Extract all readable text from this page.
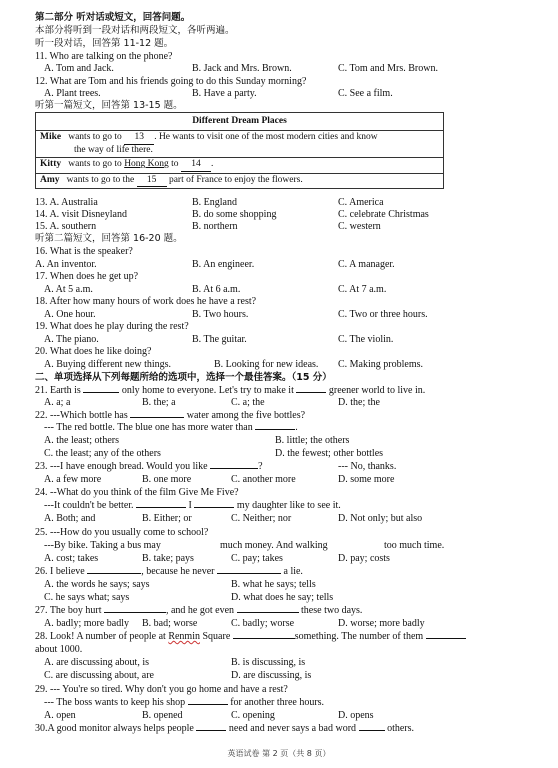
第二部分 听对话或短文，回答问题。
本部分将听到一段对话和两段短文，各听两遍。
听一段对话，回答第 11-12 题。
11. Who are talking on the phone?
A. Tom and Jack.	B. Jack and Mrs. Brown.	C. Tom and Mrs. Brown.
12. What are Tom and his friends going to do this Sunday morning?
A. Plant trees.	B. Have a party.	C. See a film.
听第一篇短文，回答第 13-15 题。
Different Dream Places
Mike wants to go to 13 . He wants to visit one of the most modern cities and know
the way of life there.
Kitty wants to go to Hong Kong to 14 .
Amy wants to go to the 15 part of France to enjoy the flowers.
13. A. Australia	B. England	C. America
14. A. visit Disneyland	B. do some shopping	C. celebrate Christmas
15. A. southern	B. northern	C. western
听第二篇短文，回答第 16-20 题。
16. What is the speaker?
A. An inventor.	B. An engineer.	C. A manager.
17. When does he get up?
A. At 5 a.m.	B. At 6 a.m.	C. At 7 a.m.
18. After how many hours of work does he have a rest?
A. One hour.	B. Two hours.	C. Two or three hours.
19. What does he play during the rest?
A. The piano.	B. The guitar.	C. The violin.
20. What does he like doing?
A. Buying different new things.	B. Looking for new ideas. C. Making problems.
二、单项选择从下列每题所给的选项中，选择一个最佳答案。（15 分）
21. Earth is	only home to everyone. Let's try to make it	greener world to live in.
A. a; a	B. the; a	C. a; the	D. the; the
22. ---Which bottle has	water among the five bottles?
--- The red bottle. The blue one has more water than	.
A. the least; others	B. little; the others
C. the least; any of the others	D. the fewest; other bottles
23. ---I have enough bread. Would you like	?	--- No, thanks.
A. a few more	B. one more	C. another more	D. some more
24. --What do you think of the film Give Me Five?
---It couldn't be better.	I	my daughter like to see it.
A. Both; and	B. Either; or	C. Neither; nor	D. Not only; but also
25. ---How do you usually come to school?
---By bike. Taking a bus may	much money. And walking	too much time.
A. cost; takes	B. take; pays	C. pay; takes	D. pay; costs
26. I believe	, because he never	a lie.
A. the words he says; says	B. what he says; tells
C. he says what; says	D. what does he say; tells
27. The boy hurt	, and he got even	these two days.
A. badly; more badly B. bad; worse	C. badly; worse	D. worse; more badly
28. Look! A number of people at Renmin Square	something. The number of them
about 1000.
A. are discussing about, is	B. is discussing, is
C. are discussing about, are	D. are discussing, is
29. --- You're so tired. Why don't you go home and have a rest?
--- The boss wants to keep his shop	for another three hours.
A. open	B. opened	C. opening	D. opens
30.A good monitor always helps people	need and never says a bad word	others.
英语试卷 第 2 页（共 8 页）
